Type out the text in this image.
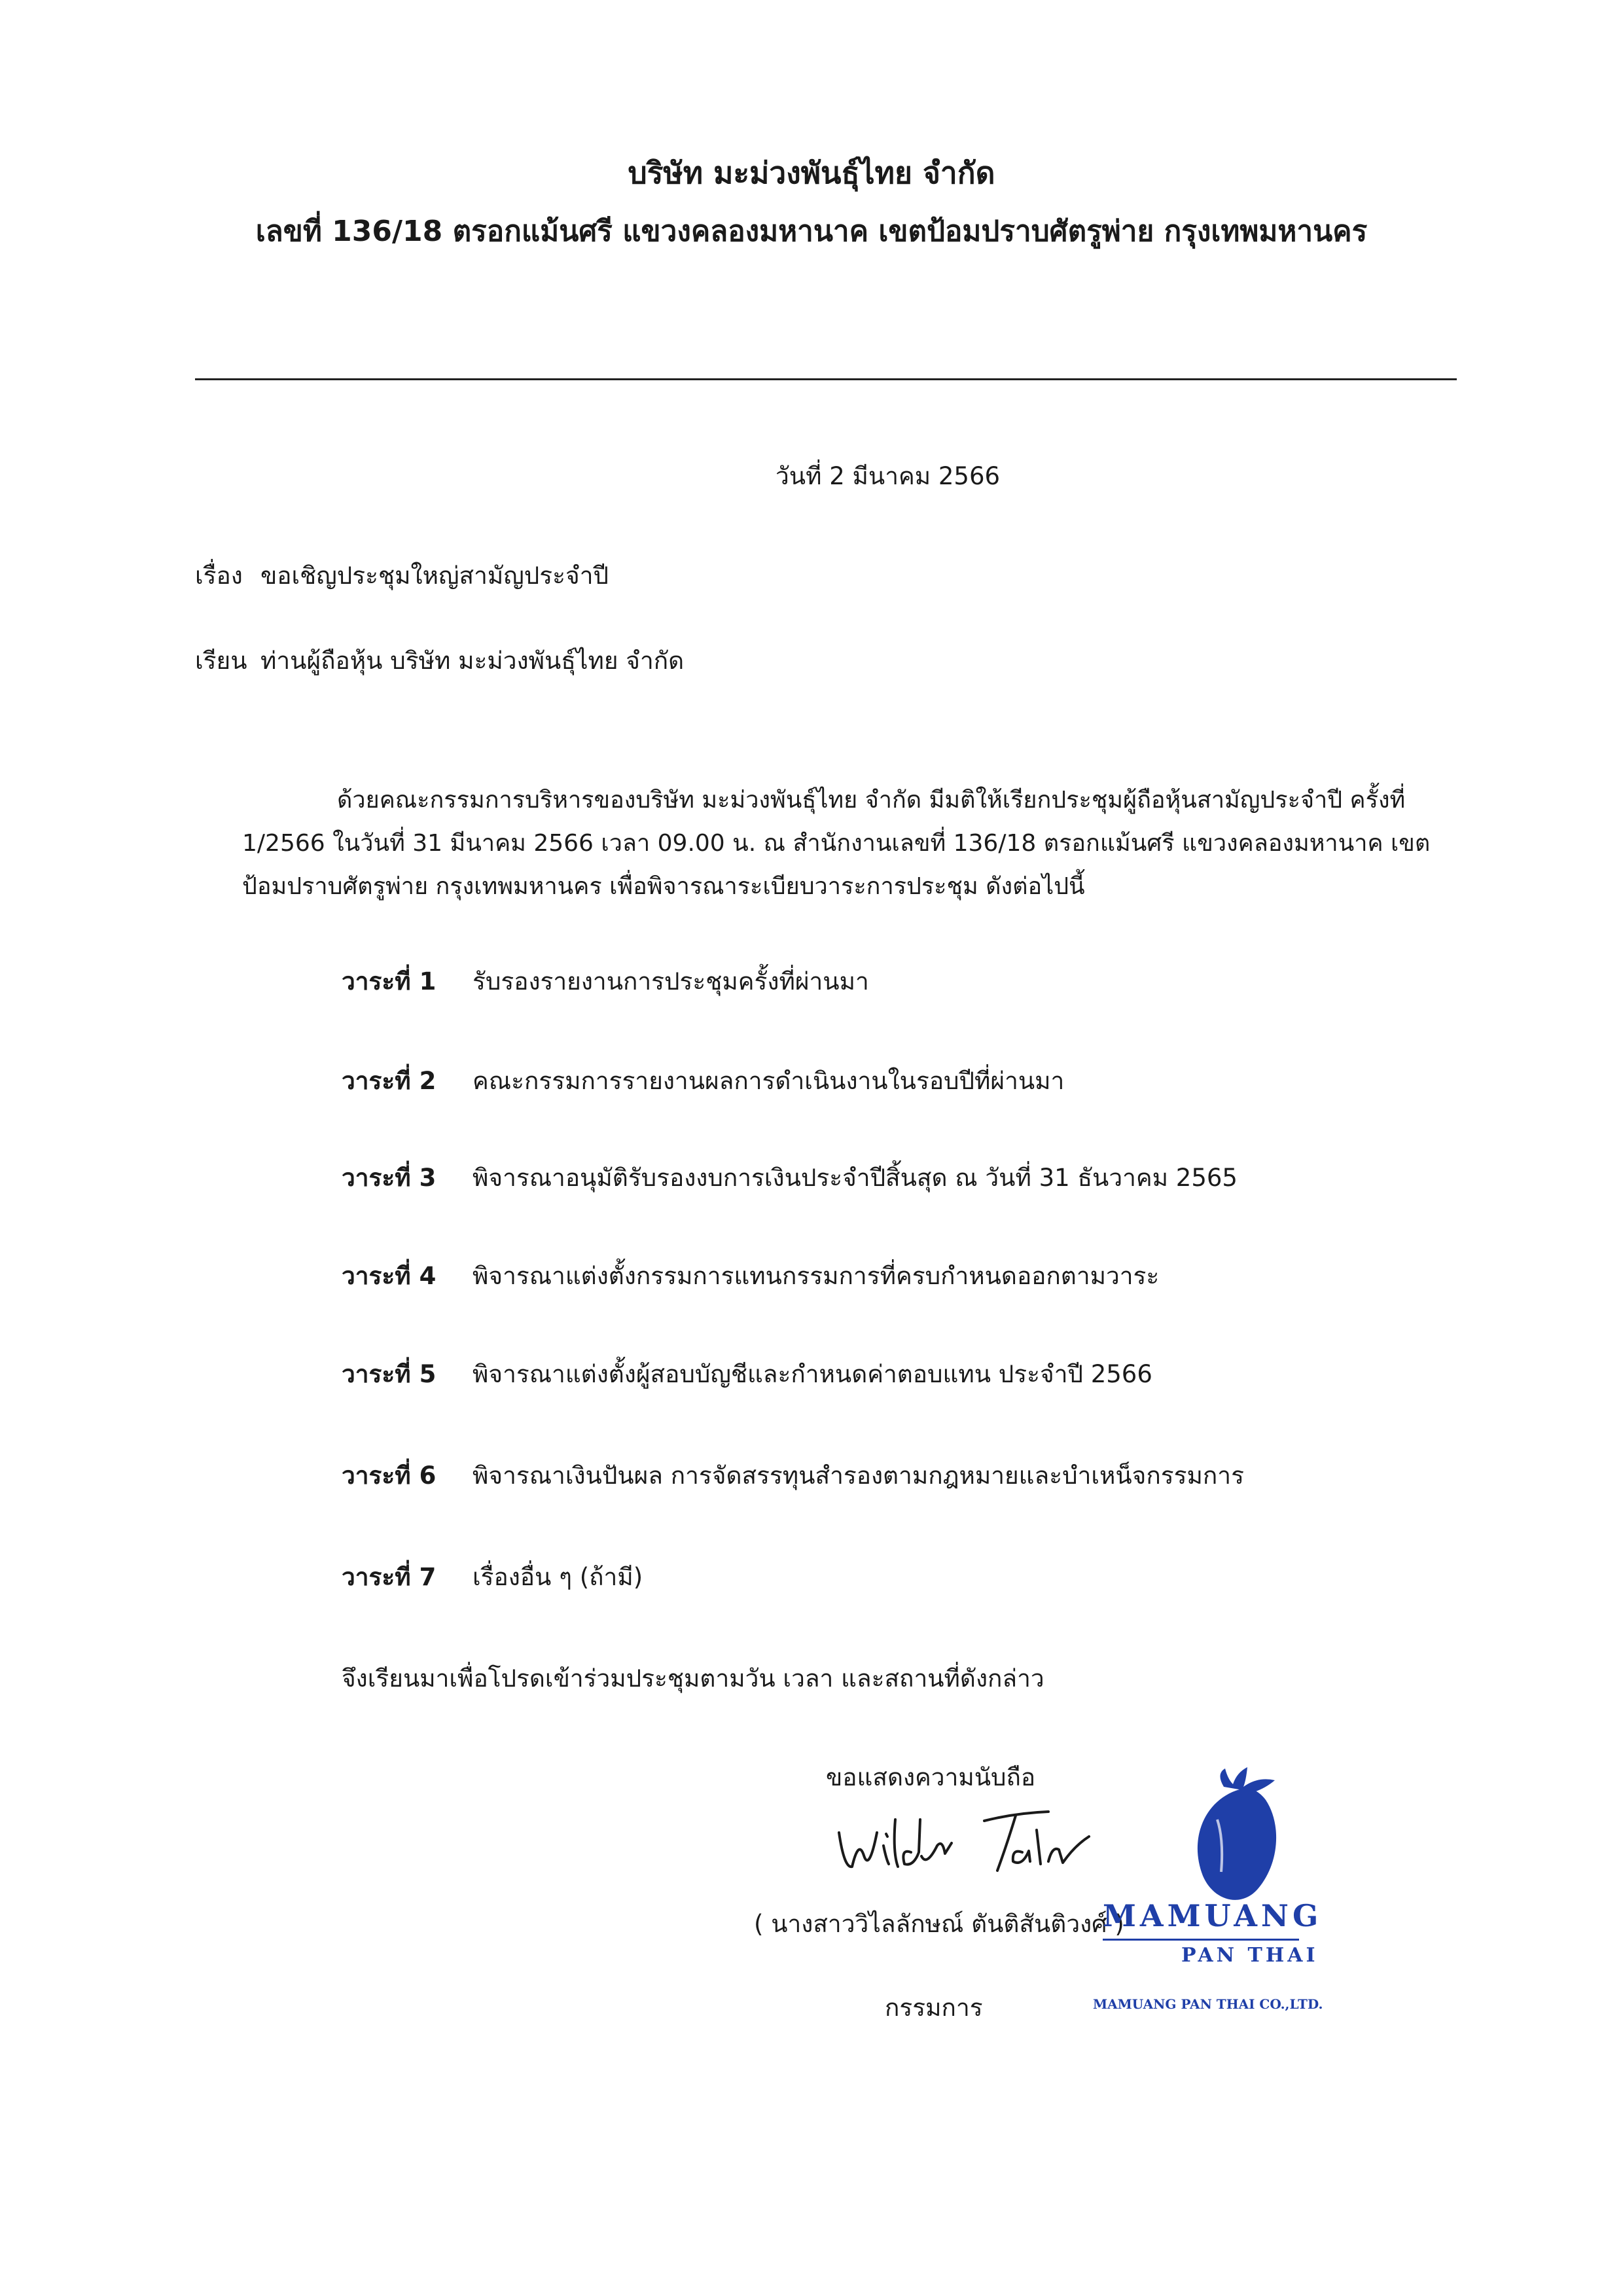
บริษัท มะม่วงพันธุ์ไทย จำกัด
เลขที่ 136/18 ตรอกแม้นศรี แขวงคลองมหานาค เขตป้อมปราบศัตรูพ่าย กรุงเทพมหานคร
วันที่ 2 มีนาคม 2566
เรื่อง ขอเชิญประชุมใหญ่สามัญประจำปี
เรียน ท่านผู้ถือหุ้น บริษัท มะม่วงพันธุ์ไทย จำกัด
ด้วยคณะกรรมการบริหารของบริษัท มะม่วงพันธุ์ไทย จำกัด มีมติให้เรียกประชุมผู้ถือหุ้นสามัญประจำปี ครั้งที่
1/2566 ในวันที่ 31 มีนาคม 2566 เวลา 09.00 น. ณ สำนักงานเลขที่ 136/18 ตรอกแม้นศรี แขวงคลองมหานาค เขต
ป้อมปราบศัตรูพ่าย กรุงเทพมหานคร เพื่อพิจารณาระเบียบวาระการประชุม ดังต่อไปนี้
วาระที่ 1 รับรองรายงานการประชุมครั้งที่ผ่านมา
วาระที่ 2 คณะกรรมการรายงานผลการดำเนินงานในรอบปีที่ผ่านมา
วาระที่ 3 พิจารณาอนุมัติรับรองงบการเงินประจำปีสิ้นสุด ณ วันที่ 31 ธันวาคม 2565
วาระที่ 4 พิจารณาแต่งตั้งกรรมการแทนกรรมการที่ครบกำหนดออกตามวาระ
วาระที่ 5 พิจารณาแต่งตั้งผู้สอบบัญชีและกำหนดค่าตอบแทน ประจำปี 2566
วาระที่ 6 พิจารณาเงินปันผล การจัดสรรทุนสำรองตามกฎหมายและบำเหน็จกรรมการ
วาระที่ 7 เรื่องอื่น ๆ (ถ้ามี)
จึงเรียนมาเพื่อโปรดเข้าร่วมประชุมตามวัน เวลา และสถานที่ดังกล่าว
ขอแสดงความนับถือ
( นางสาววิไลลักษณ์ ตันติสันติวงศ์ )
กรรมการ
MAMUANG
PAN THAI
MAMUANG PAN THAI CO.,LTD.
